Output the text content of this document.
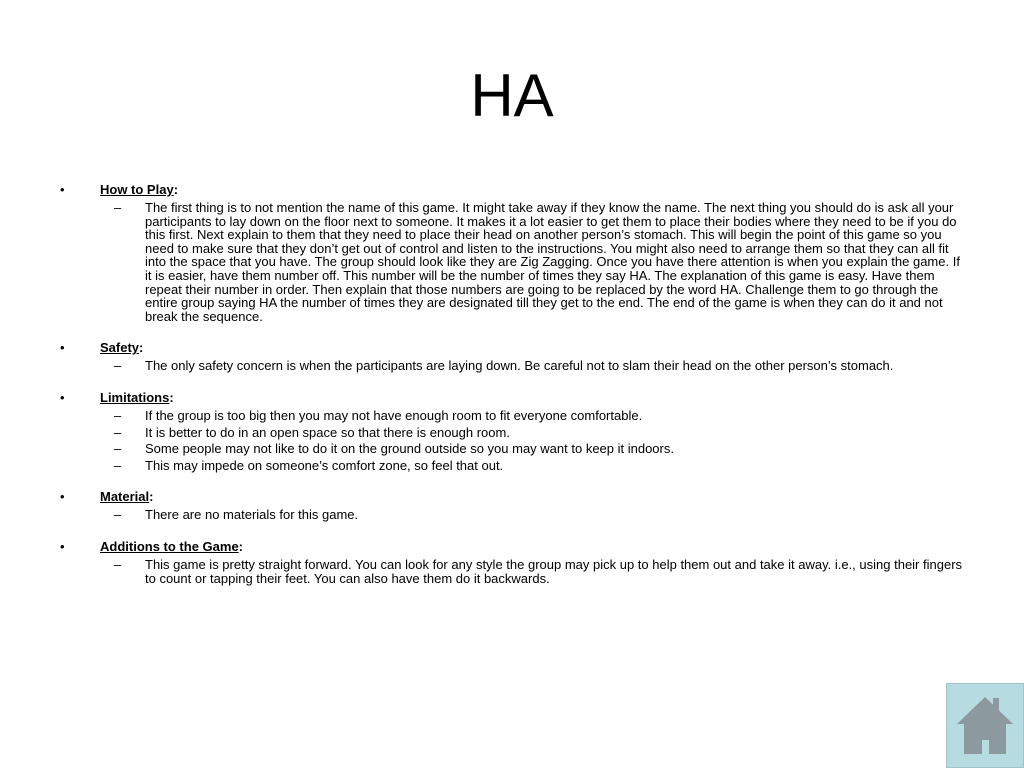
HA
•	How to Play:
– The first thing is to not mention the name of this game. It might take away if they know the name. The next thing you should do is ask all your participants to lay down on the floor next to someone. It makes it a lot easier to get them to place their bodies where they need to be if you do this first. Next explain to them that they need to place their head on another person’s stomach. This will begin the point of this game so you need to make sure that they don’t get out of control and listen to the instructions. You might also need to arrange them so that they can all fit into the space that you have. The group should look like they are Zig Zagging. Once you have there attention is when you explain the game. If it is easier, have them number off. This number will be the number of times they say HA. The explanation of this game is easy. Have them repeat their number in order. Then explain that those numbers are going to be replaced by the word HA. Challenge them to go through the entire group saying HA the number of times they are designated till they get to the end. The end of the game is when they can do it and not break the sequence.
•	Safety:
– The only safety concern is when the participants are laying down. Be careful not to slam their head on the other person’s stomach.
•	Limitations:
– If the group is too big then you may not have enough room to fit everyone comfortable.
– It is better to do in an open space so that there is enough room.
– Some people may not like to do it on the ground outside so you may want to keep it indoors.
– This may impede on someone’s comfort zone, so feel that out.
•	Material:
– There are no materials for this game.
•	Additions to the Game:
– This game is pretty straight forward. You can look for any style the group may pick up to help them out and take it away. i.e., using their fingers to count or tapping their feet. You can also have them do it backwards.
